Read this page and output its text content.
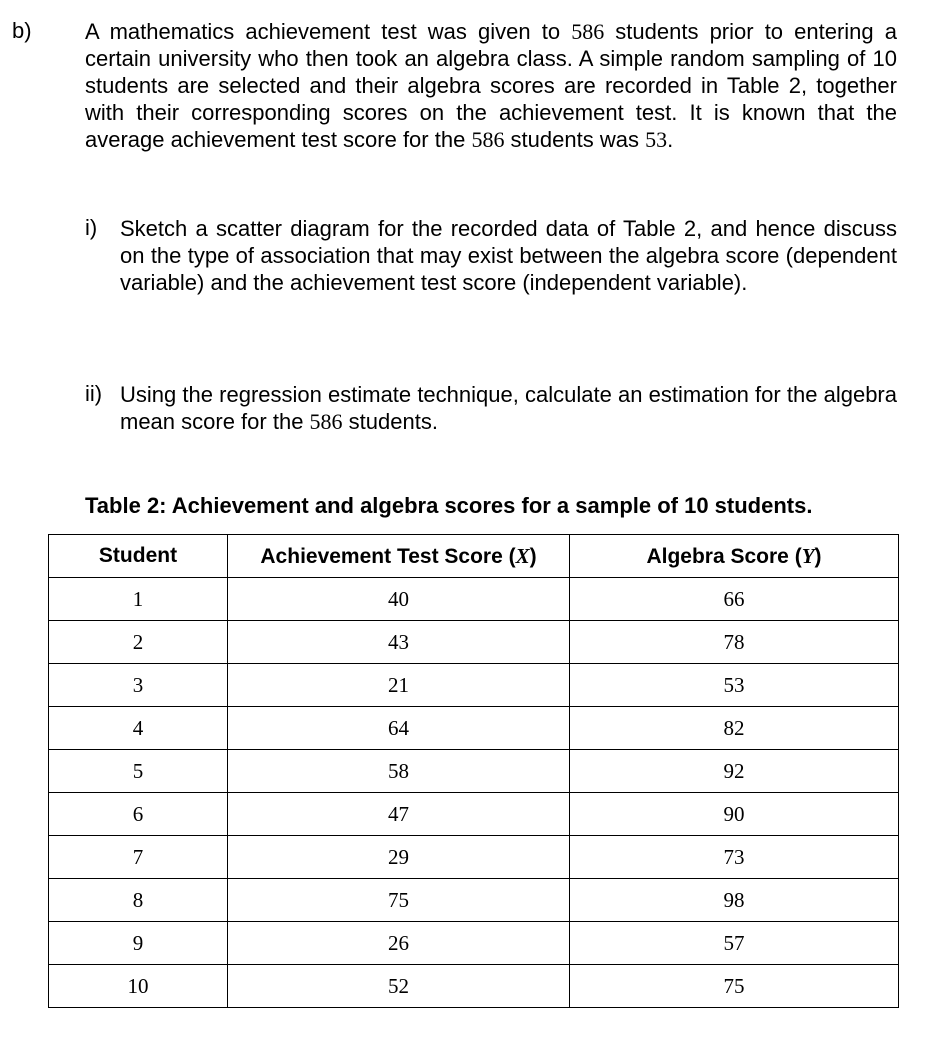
b) A mathematics achievement test was given to 586 students prior to entering a certain university who then took an algebra class. A simple random sampling of 10 students are selected and their algebra scores are recorded in Table 2, together with their corresponding scores on the achievement test. It is known that the average achievement test score for the 586 students was 53.

i) Sketch a scatter diagram for the recorded data of Table 2, and hence discuss on the type of association that may exist between the algebra score (dependent variable) and the achievement test score (independent variable).

ii) Using the regression estimate technique, calculate an estimation for the algebra mean score for the 586 students.

Table 2: Achievement and algebra scores for a sample of 10 students.
Student	Achievement Test Score (X)	Algebra Score (Y)
1	40	66
2	43	78
3	21	53
4	64	82
5	58	92
6	47	90
7	29	73
8	75	98
9	26	57
10	52	75
